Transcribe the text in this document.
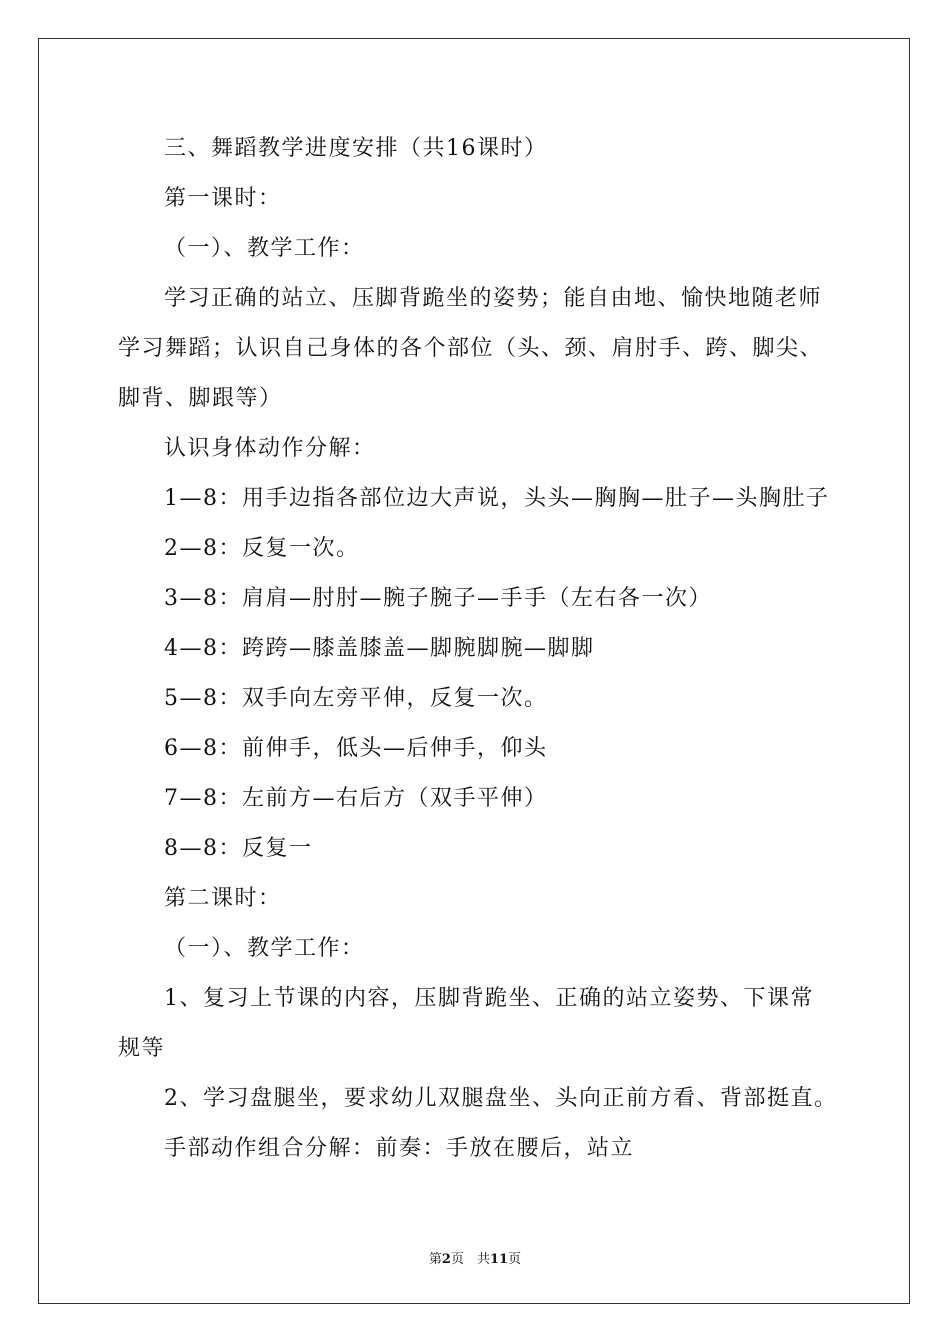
三、舞蹈教学进度安排（共16课时）
第一课时：
（一）、教学工作：
学习正确的站立、压脚背跪坐的姿势；能自由地、愉快地随老师
学习舞蹈；认识自己身体的各个部位（头、颈、肩肘手、跨、脚尖、
脚背、脚跟等）
认识身体动作分解：
1—8：用手边指各部位边大声说，头头—胸胸—肚子—头胸肚子
2—8：反复一次。
3—8：肩肩—肘肘—腕子腕子—手手（左右各一次）
4—8：跨跨—膝盖膝盖—脚腕脚腕—脚脚
5—8：双手向左旁平伸，反复一次。
6—8：前伸手，低头—后伸手，仰头
7—8：左前方—右后方（双手平伸）
8—8：反复一
第二课时：
（一）、教学工作：
1、复习上节课的内容，压脚背跪坐、正确的站立姿势、下课常
规等
2、学习盘腿坐，要求幼儿双腿盘坐、头向正前方看、背部挺直。
手部动作组合分解：前奏：手放在腰后，站立
第2页　共11页
